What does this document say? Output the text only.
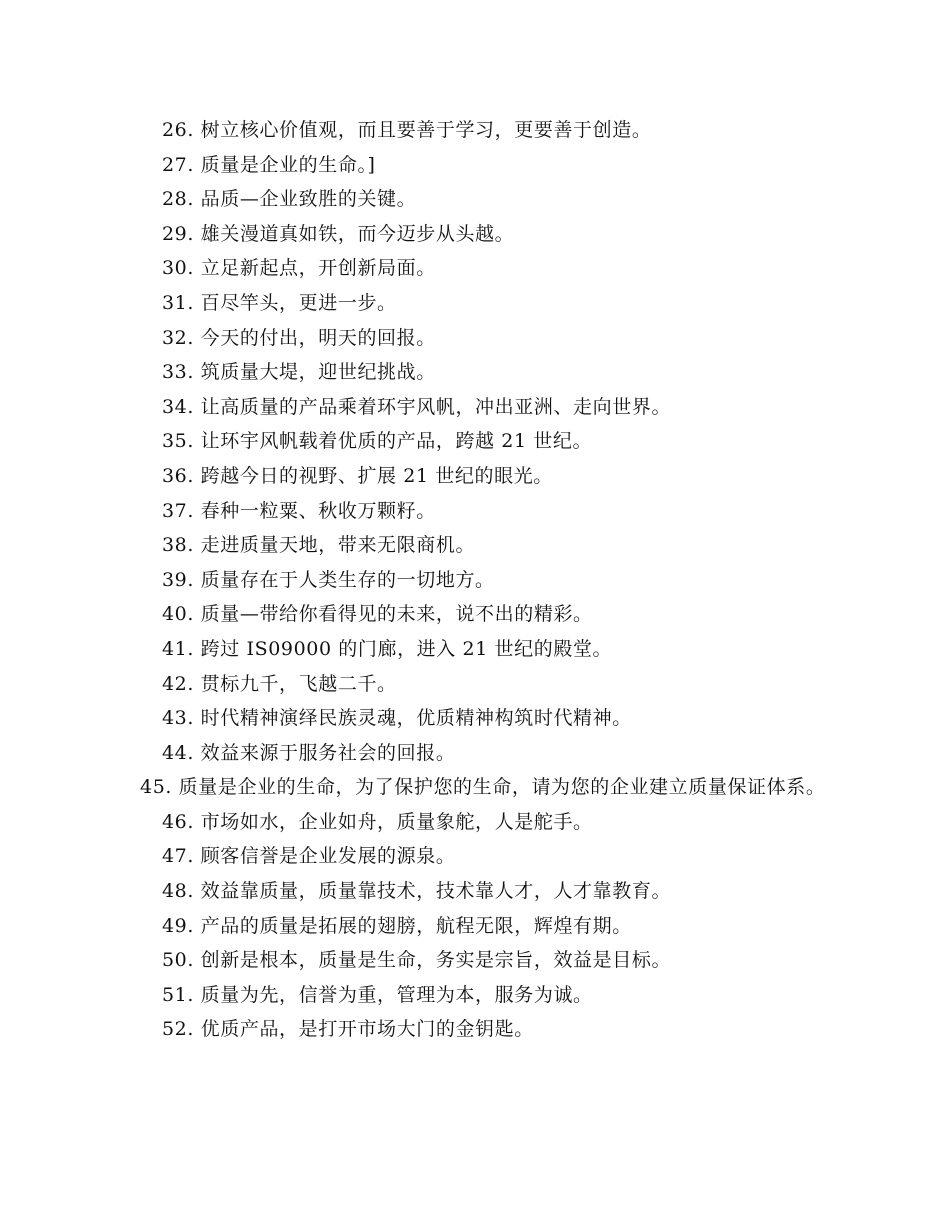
26. 树立核心价值观，而且要善于学习，更要善于创造。
27. 质量是企业的生命。]
28. 品质—企业致胜的关键。
29. 雄关漫道真如铁，而今迈步从头越。
30. 立足新起点，开创新局面。
31. 百尽竿头，更进一步。
32. 今天的付出，明天的回报。
33. 筑质量大堤，迎世纪挑战。
34. 让高质量的产品乘着环宇风帆，冲出亚洲、走向世界。
35. 让环宇风帆载着优质的产品，跨越 21 世纪。
36. 跨越今日的视野、扩展 21 世纪的眼光。
37. 春种一粒粟、秋收万颗籽。
38. 走进质量天地，带来无限商机。
39. 质量存在于人类生存的一切地方。
40. 质量—带给你看得见的未来，说不出的精彩。
41. 跨过 IS09000 的门廊，进入 21 世纪的殿堂。
42. 贯标九千，飞越二千。
43. 时代精神演绎民族灵魂，优质精神构筑时代精神。
44. 效益来源于服务社会的回报。
45. 质量是企业的生命，为了保护您的生命，请为您的企业建立质量保证体系。
46. 市场如水，企业如舟，质量象舵，人是舵手。
47. 顾客信誉是企业发展的源泉。
48. 效益靠质量，质量靠技术，技术靠人才，人才靠教育。
49. 产品的质量是拓展的翅膀，航程无限，辉煌有期。
50. 创新是根本，质量是生命，务实是宗旨，效益是目标。
51. 质量为先，信誉为重，管理为本，服务为诚。
52. 优质产品，是打开市场大门的金钥匙。
